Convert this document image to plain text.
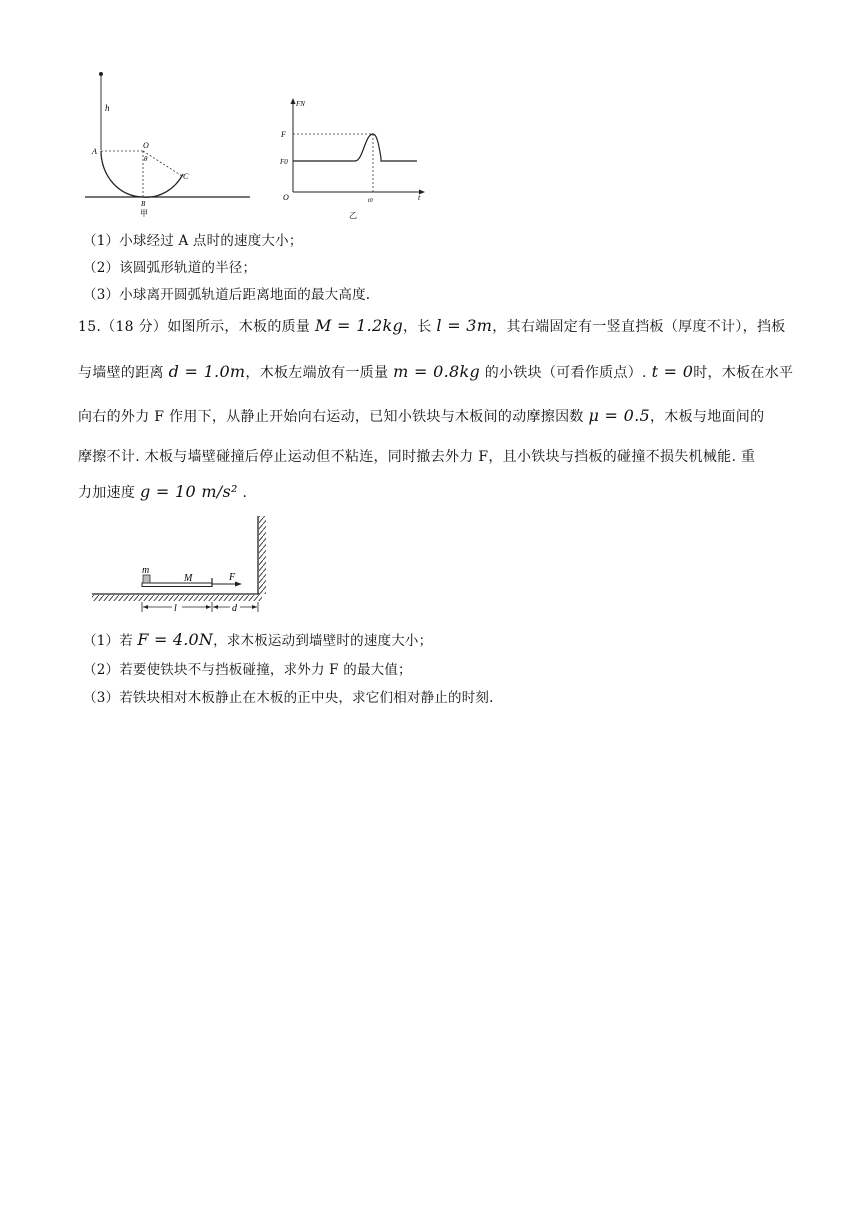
h
A
O
θ
C
B
甲
FN
F
F0
O	t0	t
乙
（1）小球经过 A 点时的速度大小；
（2）该圆弧形轨道的半径；
（3）小球离开圆弧轨道后距离地面的最大高度.
15.（18 分）如图所示，木板的质量 M = 1.2kg，长 l = 3m，其右端固定有一竖直挡板（厚度不计），挡板
与墙壁的距离 d = 1.0m，木板左端放有一质量 m = 0.8kg 的小铁块（可看作质点）. t = 0时，木板在水平
向右的外力 F 作用下，从静止开始向右运动，已知小铁块与木板间的动摩擦因数 μ = 0.5，木板与地面间的
摩擦不计. 木板与墙壁碰撞后停止运动但不粘连，同时撤去外力 F，且小铁块与挡板的碰撞不损失机械能. 重
力加速度 g = 10 m/s² .
m
M	F
l	d
（1）若 F = 4.0N，求木板运动到墙壁时的速度大小；
（2）若要使铁块不与挡板碰撞，求外力 F 的最大值；
（3）若铁块相对木板静止在木板的正中央，求它们相对静止的时刻.
